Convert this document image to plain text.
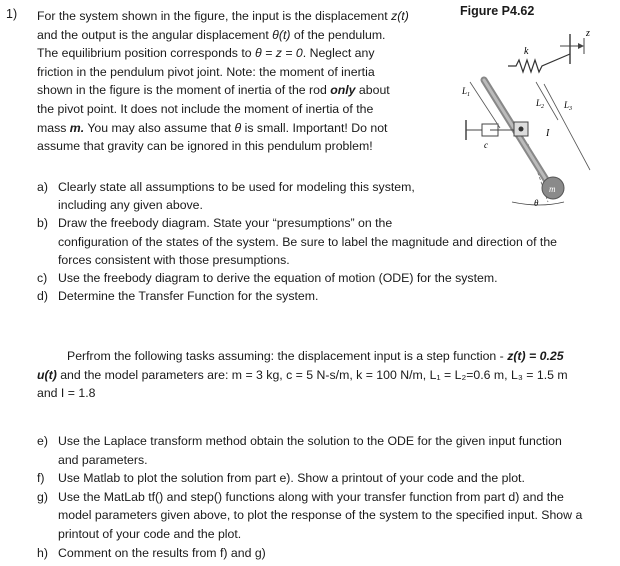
1) For the system shown in the figure, the input is the displacement z(t)
and the output is the angular displacement θ(t) of the pendulum.
The equilibrium position corresponds to θ = z = 0. Neglect any
friction in the pendulum pivot joint. Note: the moment of inertia
shown in the figure is the moment of inertia of the rod only about
the pivot point. It does not include the moment of inertia of the
mass m. You may also assume that θ is small. Important! Do not
assume that gravity can be ignored in this pendulum problem!
Figure P4.62
z
k
m
c
$L_1$
$L_2$ $L_3$
I
θ
a) Clearly state all assumptions to be used for modeling this system,
including any given above.
b) Draw the freebody diagram. State your “presumptions” on the
configuration of the states of the system. Be sure to label the magnitude and direction of the
forces consistent with those presumptions.
c) Use the freebody diagram to derive the equation of motion (ODE) for the system.
d) Determine the Transfer Function for the system.
Perfrom the following tasks assuming: the displacement input is a step function - z(t) = 0.25
u(t) and the model parameters are: m = 3 kg, c = 5 N-s/m, k = 100 N/m, L₁ = L₂=0.6 m, L₃ = 1.5 m
and I = 1.8
e) Use the Laplace transform method obtain the solution to the ODE for the given input function
and parameters.
f) Use Matlab to plot the solution from part e). Show a printout of your code and the plot.
g) Use the MatLab tf() and step() functions along with your transfer function from part d) and the
model parameters given above, to plot the response of the system to the specified input. Show a
printout of your code and the plot.
h) Comment on the results from f) and g)
